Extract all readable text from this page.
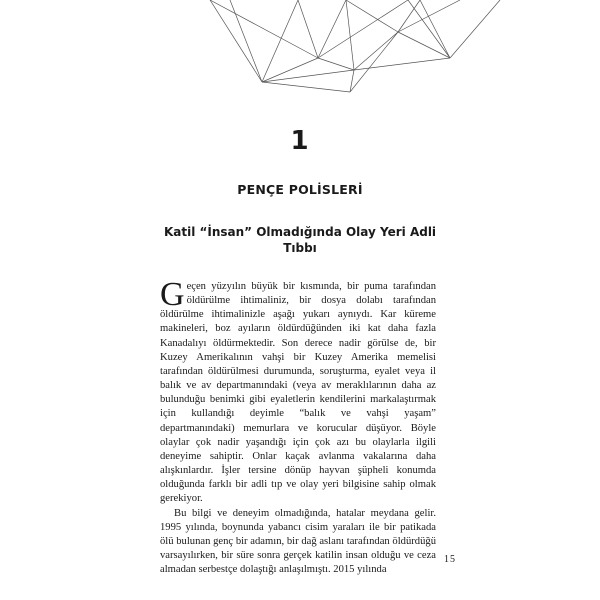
1
PENÇE POLİSLERİ
Katil “İnsan” Olmadığında Olay Yeri Adli Tıbbı

Geçen yüzyılın büyük bir kısmında, bir puma tarafından öldürülme ihtimaliniz, bir dosya dolabı tarafından öldürülme ihtimalinizle aşağı yukarı aynıydı. Kar küreme makineleri, boz ayıların öldürdüğünden iki kat daha fazla Kanadalıyı öldürmektedir. Son derece nadir görülse de, bir Kuzey Amerikalının vahşi bir Kuzey Amerika memelisi tarafından öldürülmesi durumunda, soruşturma, eyalet veya il balık ve av departmanındaki (veya av meraklılarının daha az bulunduğu benimki gibi eyaletlerin kendilerini markalaştırmak için kullandığı deyimle “balık ve vahşi yaşam” departmanındaki) memurlara ve korucular düşüyor. Böyle olaylar çok nadir yaşandığı için çok azı bu olaylarla ilgili deneyime sahiptir. Onlar kaçak avlanma vakalarına daha alışkınlardır. İşler tersine dönüp hayvan şüpheli konumda olduğunda farklı bir adli tıp ve olay yeri bilgisine sahip olmak gerekiyor.

Bu bilgi ve deneyim olmadığında, hatalar meydana gelir. 1995 yılında, boynunda yabancı cisim yaraları ile bir patikada ölü bulunan genç bir adamın, bir dağ aslanı tarafından öldürdüğü varsayılırken, bir süre sonra gerçek katilin insan olduğu ve ceza almadan serbestçe dolaştığı anlaşılmıştı. 2015 yılında

15
